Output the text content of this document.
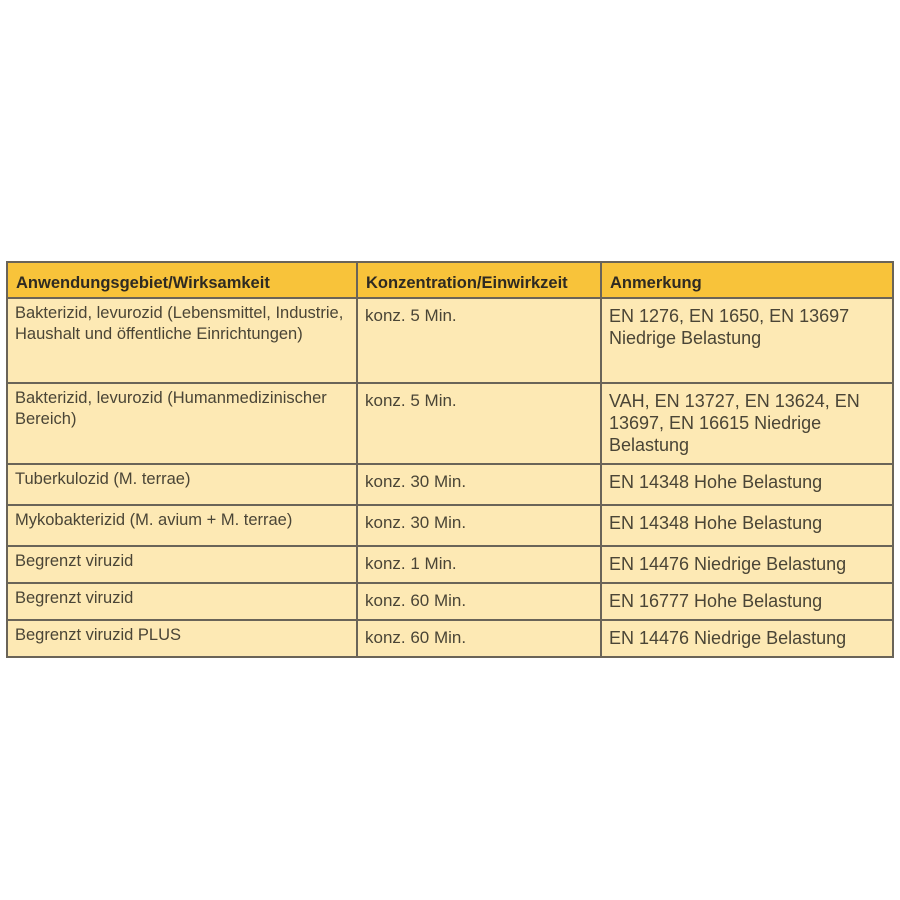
Anwendungsgebiet/Wirksamkeit	Konzentration/Einwirkzeit	Anmerkung
Bakterizid, levurozid (Lebensmittel, Industrie, Haushalt und öffentliche Einrichtungen)	konz. 5 Min.	EN 1276, EN 1650, EN 13697 Niedrige Belastung
Bakterizid, levurozid (Humanmedizinischer Bereich)	konz. 5 Min.	VAH, EN 13727, EN 13624, EN 13697, EN 16615 Niedrige Belastung
Tuberkulozid (M. terrae)	konz. 30 Min.	EN 14348 Hohe Belastung
Mykobakterizid (M. avium + M. terrae)	konz. 30 Min.	EN 14348 Hohe Belastung
Begrenzt viruzid	konz. 1 Min.	EN 14476 Niedrige Belastung
Begrenzt viruzid	konz. 60 Min.	EN 16777 Hohe Belastung
Begrenzt viruzid PLUS	konz. 60 Min.	EN 14476 Niedrige Belastung
